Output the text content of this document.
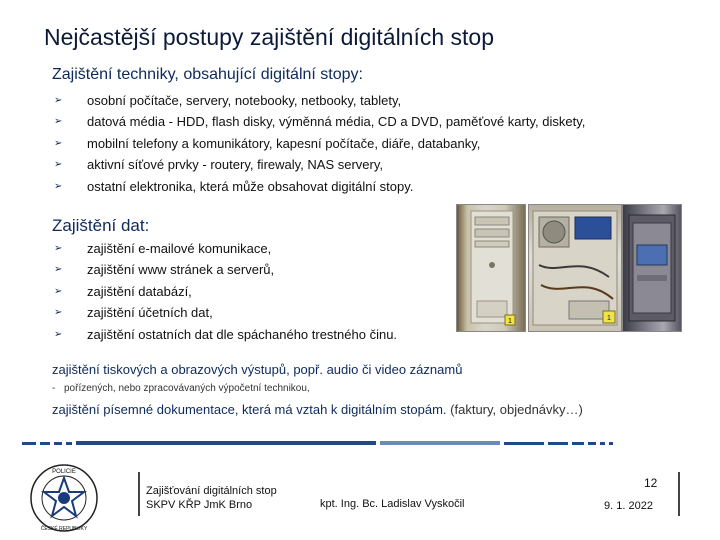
Nejčastější postupy zajištění digitálních stop
Zajištění techniky, obsahující digitální stopy:
➢ osobní počítače, servery, notebooky, netbooky, tablety,
➢ datová média - HDD, flash disky, výměnná média, CD a DVD, paměťové karty, diskety,
➢ mobilní telefony a komunikátory, kapesní počítače, diáře, databanky,
➢ aktivní síťové prvky - routery, firewaly, NAS servery,
➢ ostatní elektronika, která může obsahovat digitální stopy.
Zajištění dat:
➢ zajištění e-mailové komunikace,
➢ zajištění www stránek a serverů,
➢ zajištění databází,
➢ zajištění účetních dat,
➢ zajištění ostatních dat dle spáchaného trestného činu.
1	1
zajištění tiskových a obrazových výstupů, popř. audio či video záznamů
- pořízených, nebo zpracovávaných výpočetní technikou,
zajištění písemné dokumentace, která má vztah k digitálním stopám. (faktury, objednávky…)
POLICIE
ČESKÉ REPUBLIKY
Zajišťování digitálních stop
SKPV KŘP JmK Brno	kpt. Ing. Bc. Ladislav Vyskočil
12
9. 1. 2022
